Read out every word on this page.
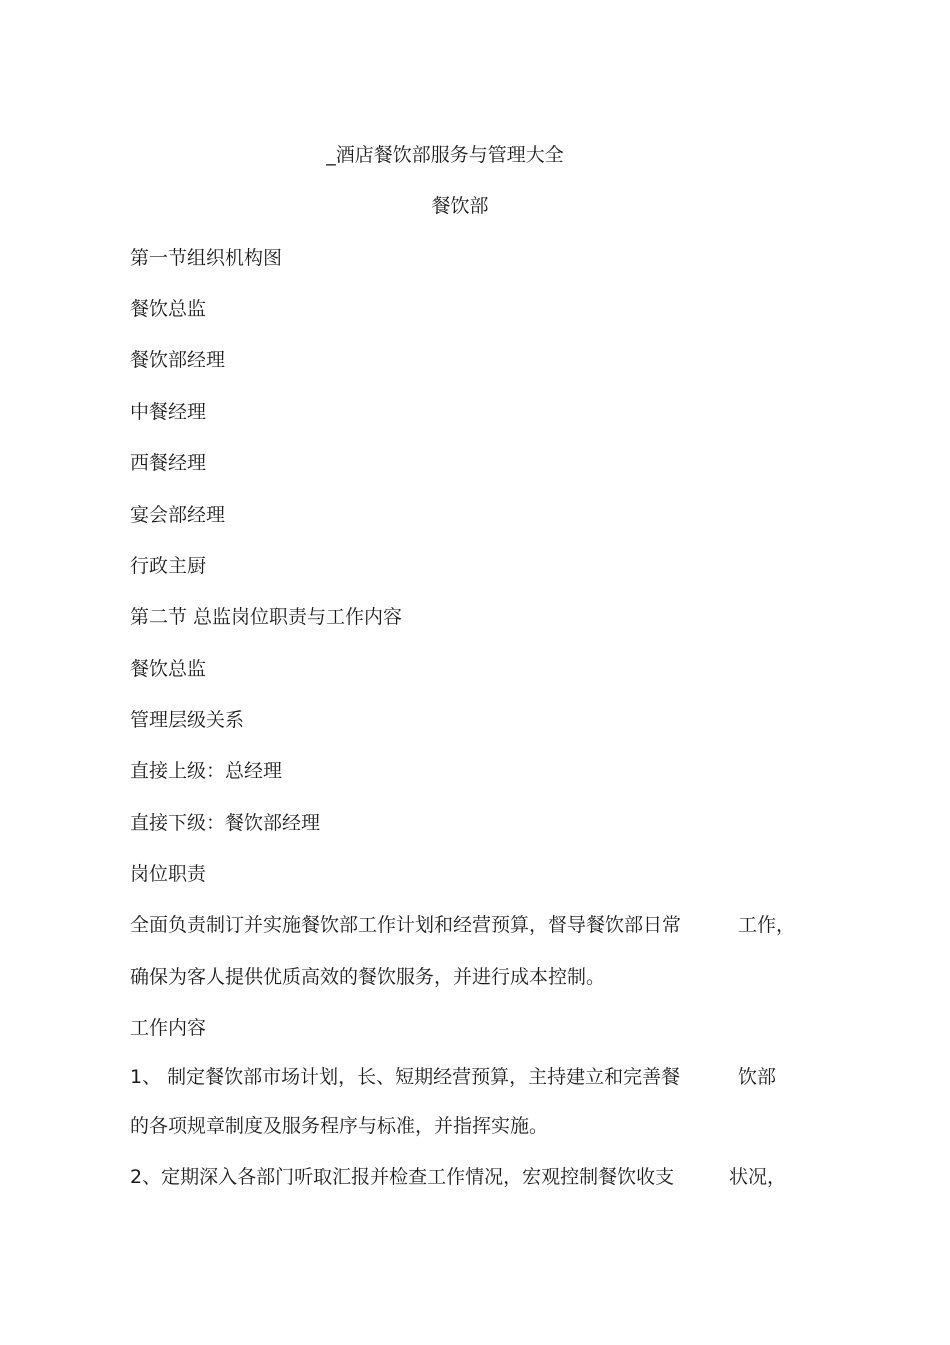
_酒店餐饮部服务与管理大全
餐饮部
第一节组织机构图
餐饮总监
餐饮部经理
中餐经理
西餐经理
宴会部经理
行政主厨
第二节 总监岗位职责与工作内容
餐饮总监
管理层级关系
直接上级：总经理
直接下级：餐饮部经理
岗位职责
全面负责制订并实施餐饮部工作计划和经营预算，督导餐饮部日常	工作，
确保为客人提供优质高效的餐饮服务，并进行成本控制。
工作内容
1、 制定餐饮部市场计划，长、短期经营预算，主持建立和完善餐	饮部
的各项规章制度及服务程序与标准，并指挥实施。
2、定期深入各部门听取汇报并检查工作情况，宏观控制餐饮收支	状况，
